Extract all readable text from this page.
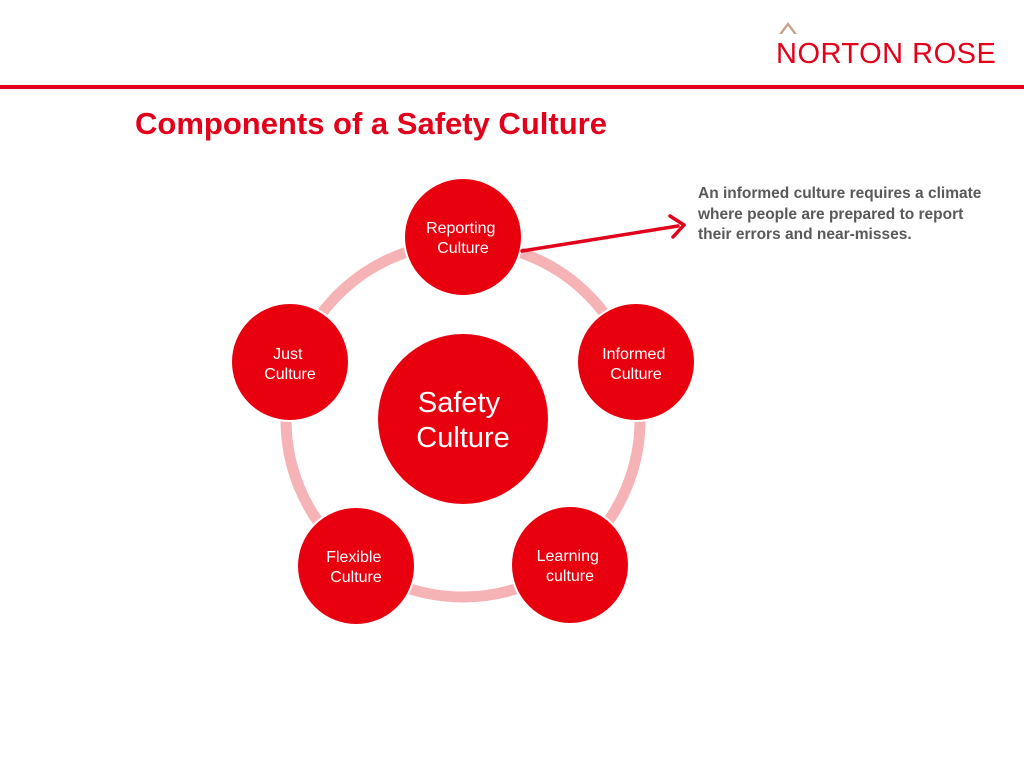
NORTON ROSE
Components of a Safety Culture
Safety Culture
Reporting Culture
Informed Culture
Learning culture
Flexible Culture
Just Culture

An informed culture requires a climate where people are prepared to report their errors and near-misses.
